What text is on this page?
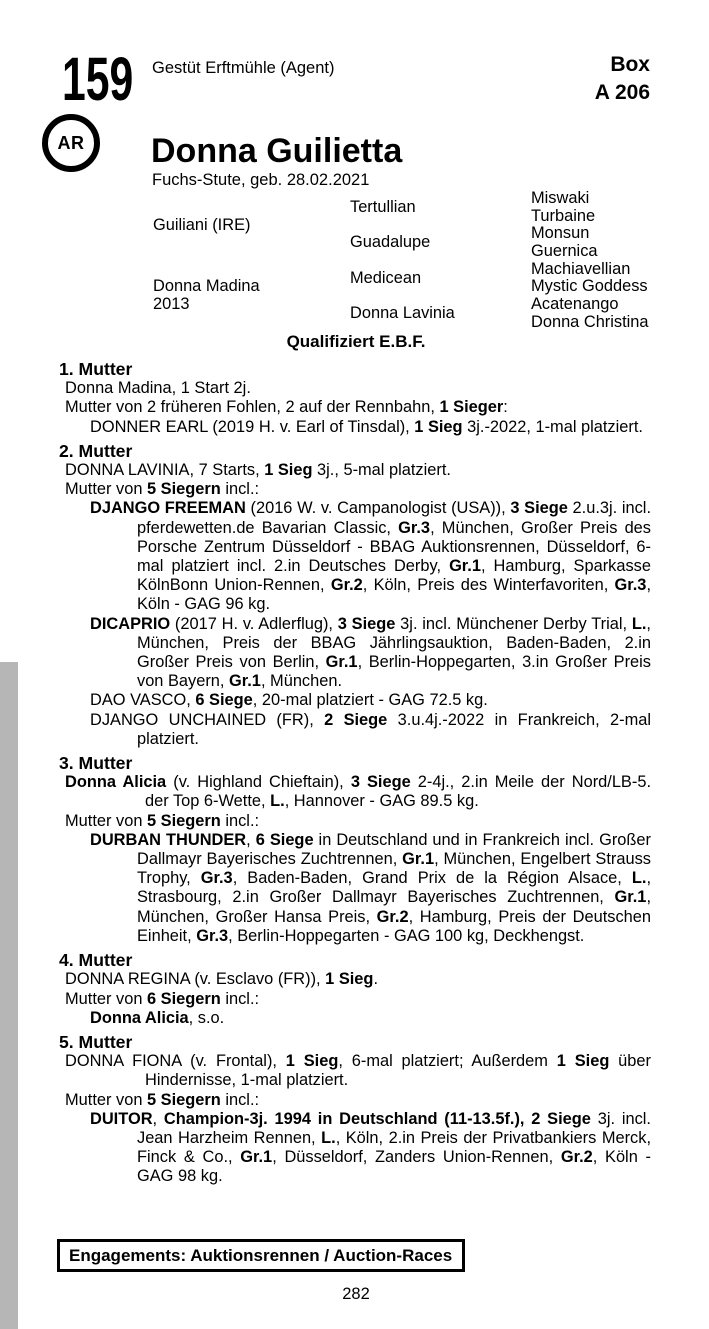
159 Gestüt Erftmühle (Agent)	Box
A 206
AR Donna Guilietta
Fuchs-Stute, geb. 28.02.2021
Guiliani (IRE)
Donna Madina
2013
Tertullian
Guadalupe
Medicean
Donna Lavinia
Miswaki
Turbaine
Monsun
Guernica
Machiavellian
Mystic Goddess
Acatenango
Donna Christina
Qualifiziert E.B.F.
1. Mutter

Donna Madina, 1 Start 2j.

Mutter von 2 früheren Fohlen, 2 auf der Rennbahn, 1 Sieger:

DONNER EARL (2019 H. v. Earl of Tinsdal), 1 Sieg 3j.-2022, 1-mal platziert.

2. Mutter

DONNA LAVINIA, 7 Starts, 1 Sieg 3j., 5-mal platziert.

Mutter von 5 Siegern incl.:

DJANGO FREEMAN (2016 W. v. Campanologist (USA)), 3 Siege 2.u.3j. incl. pferdewetten.de Bavarian Classic, Gr.3, München, Großer Preis des Porsche Zentrum Düsseldorf - BBAG Auktionsrennen, Düsseldorf, 6-mal platziert incl. 2.in Deutsches Derby, Gr.1, Hamburg, Sparkasse KölnBonn Union-Rennen, Gr.2, Köln, Preis des Winterfavoriten, Gr.3, Köln - GAG 96 kg.

DICAPRIO (2017 H. v. Adlerflug), 3 Siege 3j. incl. Münchener Derby Trial, L., München, Preis der BBAG Jährlingsauktion, Baden-Baden, 2.in Großer Preis von Berlin, Gr.1, Berlin-Hoppegarten, 3.in Großer Preis von Bayern, Gr.1, München.

DAO VASCO, 6 Siege, 20-mal platziert - GAG 72.5 kg.

DJANGO UNCHAINED (FR), 2 Siege 3.u.4j.-2022 in Frankreich, 2-mal platziert.

3. Mutter

Donna Alicia (v. Highland Chieftain), 3 Siege 2-4j., 2.in Meile der Nord/LB-5. der Top 6-Wette, L., Hannover - GAG 89.5 kg.

Mutter von 5 Siegern incl.:

DURBAN THUNDER, 6 Siege in Deutschland und in Frankreich incl. Großer Dallmayr Bayerisches Zuchtrennen, Gr.1, München, Engelbert Strauss Trophy, Gr.3, Baden-Baden, Grand Prix de la Région Alsace, L., Strasbourg, 2.in Großer Dallmayr Bayerisches Zuchtrennen, Gr.1, München, Großer Hansa Preis, Gr.2, Hamburg, Preis der Deutschen Einheit, Gr.3, Berlin-Hoppegarten - GAG 100 kg, Deckhengst.

4. Mutter

DONNA REGINA (v. Esclavo (FR)), 1 Sieg.

Mutter von 6 Siegern incl.:

Donna Alicia, s.o.

5. Mutter

DONNA FIONA (v. Frontal), 1 Sieg, 6-mal platziert; Außerdem 1 Sieg über Hindernisse, 1-mal platziert.

Mutter von 5 Siegern incl.:

DUITOR, Champion-3j. 1994 in Deutschland (11-13.5f.), 2 Siege 3j. incl. Jean Harzheim Rennen, L., Köln, 2.in Preis der Privatbankiers Merck, Finck & Co., Gr.1, Düsseldorf, Zanders Union-Rennen, Gr.2, Köln - GAG 98 kg.

Engagements: Auktionsrennen / Auction-Races
282
